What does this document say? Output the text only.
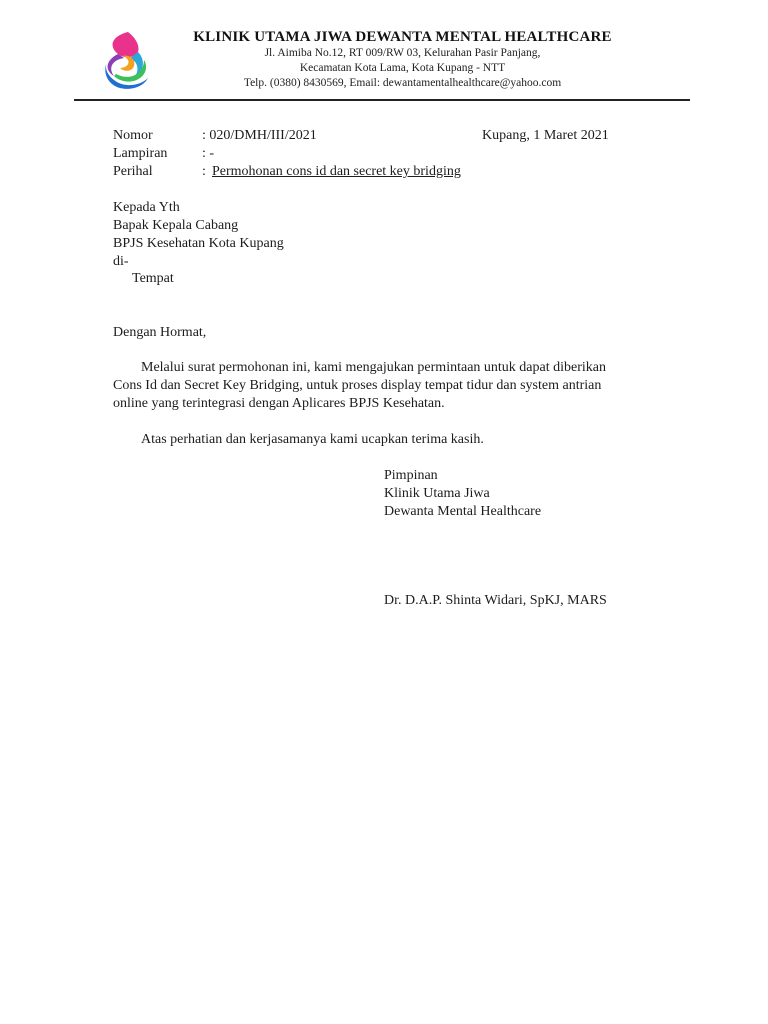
KLINIK UTAMA JIWA DEWANTA MENTAL HEALTHCARE
Jl. Aimiba No.12, RT 009/RW 03, Kelurahan Pasir Panjang,
Kecamatan Kota Lama, Kota Kupang - NTT
Telp. (0380) 8430569, Email: dewantamentalhealthcare@yahoo.com
Nomor	: 020/DMH/III/2021	Kupang, 1 Maret 2021
Lampiran : -
Perihal	: Permohonan cons id dan secret key bridging
Kepada Yth
Bapak Kepala Cabang
BPJS Kesehatan Kota Kupang
di-
Tempat
Dengan Hormat,
Melalui surat permohonan ini, kami mengajukan permintaan untuk dapat diberikan
Cons Id dan Secret Key Bridging, untuk proses display tempat tidur dan system antrian
online yang terintegrasi dengan Aplicares BPJS Kesehatan.
Atas perhatian dan kerjasamanya kami ucapkan terima kasih.
Pimpinan
Klinik Utama Jiwa
Dewanta Mental Healthcare
Dr. D.A.P. Shinta Widari, SpKJ, MARS
